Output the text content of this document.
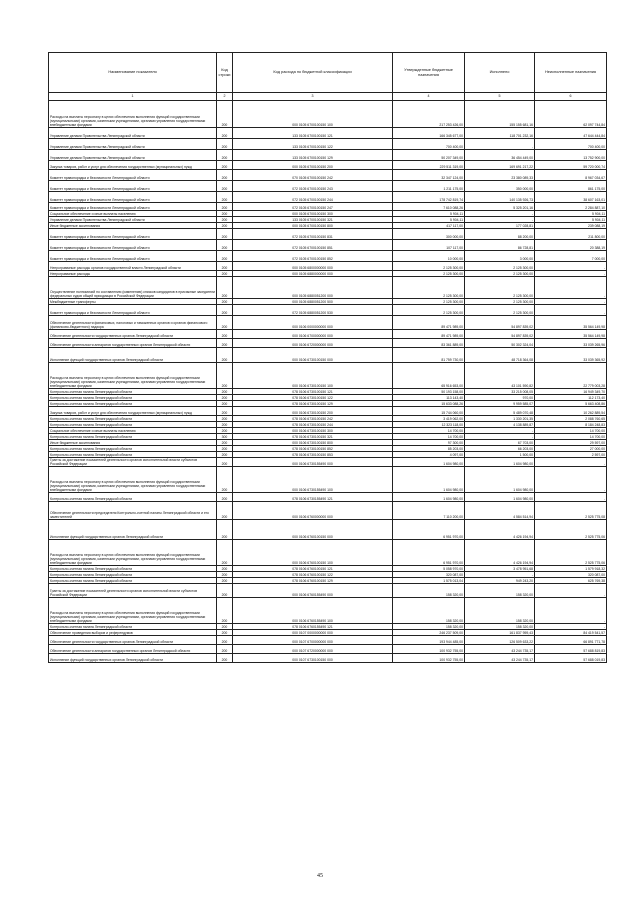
Наименование показателя	Код строки	Код расхода по бюджетной классификации	Утвержденные бюджетные назначения	Исполнено	Неисполненные назначения
1	2	3	4	5	6
Расходы на выплаты персоналу в целях обеспечения выполнения функций государственными (муниципальными) органами, казенными учреждениями, органами управления государственными внебюджетными фондами	200	000 0105 6700100150 100	217 253 426,00	155 155 681,16	62 097 744,84
Управление делами Правительства Ленинградской области	200	133 0105 6700100150 121	166 345 677,00	118 701 232,16	47 644 444,84
Управление делами Правительства Ленинградской области	200	133 0105 6700100150 122	700 400,00	-	700 400,00
Управление делами Правительства Ленинградской области	200	133 0105 6700100150 129	50 207 349,00	36 454 449,00	13 752 900,00
Закупка товаров, работ и услуг для обеспечения государственных (муниципальных) нужд	200	000 0105 6700100150 200	229 511 319,00	169 691 217,22	59 720 000,74
Комитет правопорядка и безопасности Ленинградской области	200	070 0105 6700100150 242	32 347 124,00	23 380 089,33	8 967 034,67
Комитет правопорядка и безопасности Ленинградской области	200	072 0105 6700100150 243	1 211 175,00	350 000,00	861 175,00
Комитет правопорядка и безопасности Ленинградской области	200	072 0105 6700100150 244	178 742 819,74	140 135 926,73	38 607 163,01
Комитет правопорядка и безопасности Ленинградской области	200	072 0105 6700100150 247	7 610 088,26	5 325 201,16	2 284 887,10
Социальное обеспечение и иные выплаты населению	200	000 0105 6700100150 300	5 904,11	-	5 904,11
Управление делами Правительства Ленинградской области	200	133 0105 6700100150 321	5 904,11	-	5 904,11
Иные бюджетные ассигнования	200	000 0105 6700100150 800	417 117,00	177 028,81	239 088,19
Комитет правопорядка и безопасности Ленинградской области	200	072 0105 6700100150 831	300 000,00	88 200,00	211 800,00
Комитет правопорядка и безопасности Ленинградской области	200	072 0105 6700100150 851	107 117,00	86 728,81	20 388,19
Комитет правопорядка и безопасности Ленинградской области	200	072 0105 6700100150 852	10 000,00	3 000,00	7 000,00
Непрограммные расходы органов государственной власти Ленинградской области	200	000 0105 6800000000 000	2 125 300,00	2 125 300,00	-
Непрограммные расходы	200	000 0105 6880000000 000	2 125 300,00	2 125 300,00	-
Осуществление полномочий по составлению (изменению) списков кандидатов в присяжные заседатели федеральных судов общей юрисдикции в Российской Федерации	200	000 0105 6880051200 000	2 125 300,00	2 125 300,00	-
Межбюджетные трансферты	200	000 0105 6880051200 500	2 125 300,00	2 125 300,00	-
Комитет правопорядка и безопасности Ленинградской области	200	072 0105 6880051200 530	2 125 300,00	2 125 300,00	-
Обеспечение деятельности финансовых, налоговых и таможенных органов и органов финансового (финансово-бюджетного) надзора	200	000 0106 0000000000 000	89 471 989,00	54 897 839,02	35 564 149,98
Обеспечение деятельности государственных органов Ленинградской области	200	000 0106 6700000000 000	89 471 989,00	54 897 839,02	35 564 149,98
Обеспечение деятельности аппаратов государственных органов Ленинградской области	200	000 0106 6720000000 000	83 361 889,00	50 302 324,04	33 039 265,96
Исполнение функций государственных органов Ленинградской области	200	000 0106 6730100150 000	81 759 730,00	48 718 364,08	33 039 365,92
Расходы на выплаты персоналу в целях обеспечения выполнения функций государственными (муниципальными) органами, казенными учреждениями, органами управления государственными внебюджетными фондами	200	000 0106 6730100150 100	65 916 653,00	43 101 590,82	22 779 003,28
Контрольно-счетная палата Ленинградской области	200	078 0106 6730100150 121	50 193 158,00	33 215 008,05	16 949 349,70
Контрольно-счетная палата Ленинградской области	200	078 0106 6730100150 122	113 143,40	970,00	112 173,40
Контрольно-счетная палата Ленинградской области	200	078 0106 6730100150 129	15 633 088,26	9 959 585,07	5 663 408,86
Закупка товаров, работ и услуг для обеспечения государственных (муниципальных) нужд	200	000 0106 6730100150 200	15 744 060,00	5 489 070,48	10 262 889,54
Контрольно-счетная палата Ленинградской области	200	078 0106 6730100150 242	3 419 062,00	1 330 201,35	2 088 760,65
Контрольно-счетная палата Ленинградской области	200	078 0106 6730100150 244	12 323 118,00	4 138 889,87	8 184 248,83
Социальное обеспечение и иные выплаты населению	200	000 0106 6730100150 300	14 700,00	-	14 700,00
Контрольно-счетная палата Ленинградской области	300	078 0106 6730100150 321	14 700,00	-	14 700,00
Иные бюджетные ассигнования	200	000 0106 6730100150 800	97 300,00	67 703,00	29 597,00
Контрольно-счетная палата Ленинградской области	200	078 0106 6730100150 852	85 203,00	66 203,00	27 000,00
Контрольно-счетная палата Ленинградской области	200	078 0106 6730100150 853	4 097,00	1 500,00	2 597,00
Гранты за достижение показателей деятельности органов исполнительной власти субъектов Российской Федерации	200	000 0106 6730155490 000	1 604 980,00	1 604 980,00	-
Расходы на выплаты персоналу в целях обеспечения выполнения функций государственными (муниципальными) органами, казенными учреждениями, органами управления государственными внебюджетными фондами	200	000 0106 6730155490 100	1 604 980,00	1 604 980,00	-
Контрольно-счетная палата Ленинградской области	200	078 0106 6730155490 121	1 604 980,00	1 604 980,00	-
Обеспечение деятельности председателя Контрольно-счетной палаты Ленинградской области и его заместителей	200	000 0106 6760000000 000	7 110 200,00	4 584 514,94	2 525 775,08
Исполнение функций государственных органов Ленинградской области	200	000 0106 6760100150 000	6 951 970,00	4 426 194,94	2 525 775,06
Расходы на выплаты персоналу в целях обеспечения выполнения функций государственными (муниципальными) органами, казенными учреждениями, органами управления государственными внебюджетными фондами	200	000 0106 6760100150 100	6 951 970,00	4 426 194,94	2 525 775,06
Контрольно-счетная палата Ленинградской области	200	078 0106 6760100150 121	5 058 970,00	3 478 951,68	1 579 918,32
Контрольно-счетная палата Ленинградской области	200	078 0106 6760100150 122	320 087,00	-	320 087,00
Контрольно-счетная палата Ленинградской области	200	078 0106 6760100150 129	1 575 013,04	949 243,20	625 769,38
Гранты за достижение показателей деятельности органов исполнительной власти субъектов Российской Федерации	200	000 0106 6760155490 000	158 320,00	158 320,00	-
Расходы на выплаты персоналу в целях обеспечения выполнения функций государственными (муниципальными) органами, казенными учреждениями, органами управления государственными внебюджетными фондами	200	000 0106 6760155490 100	158 320,00	158 320,00	-
Контрольно-счетная палата Ленинградской области	200	078 0106 6760155490 121	158 320,00	158 320,00	-
Обеспечение проведения выборов и референдумов	200	000 0107 0000000000 000	246 237 509,00	161 837 959,43	84 419 541,57
Обеспечение деятельности государственных органов Ленинградской области	200	000 0107 6700000000 000	193 944 485,00	126 509 633,22	66 891 771,78
Обеспечение деятельности аппаратов государственных органов Ленинградской области	200	000 0107 6720000000 000	100 932 755,00	43 244 735,17	57 688 819,83
Исполнение функций государственных органов Ленинградской области	200	000 0107 6730100150 000	100 932 755,00	43 244 735,17	57 688 019,83
45
